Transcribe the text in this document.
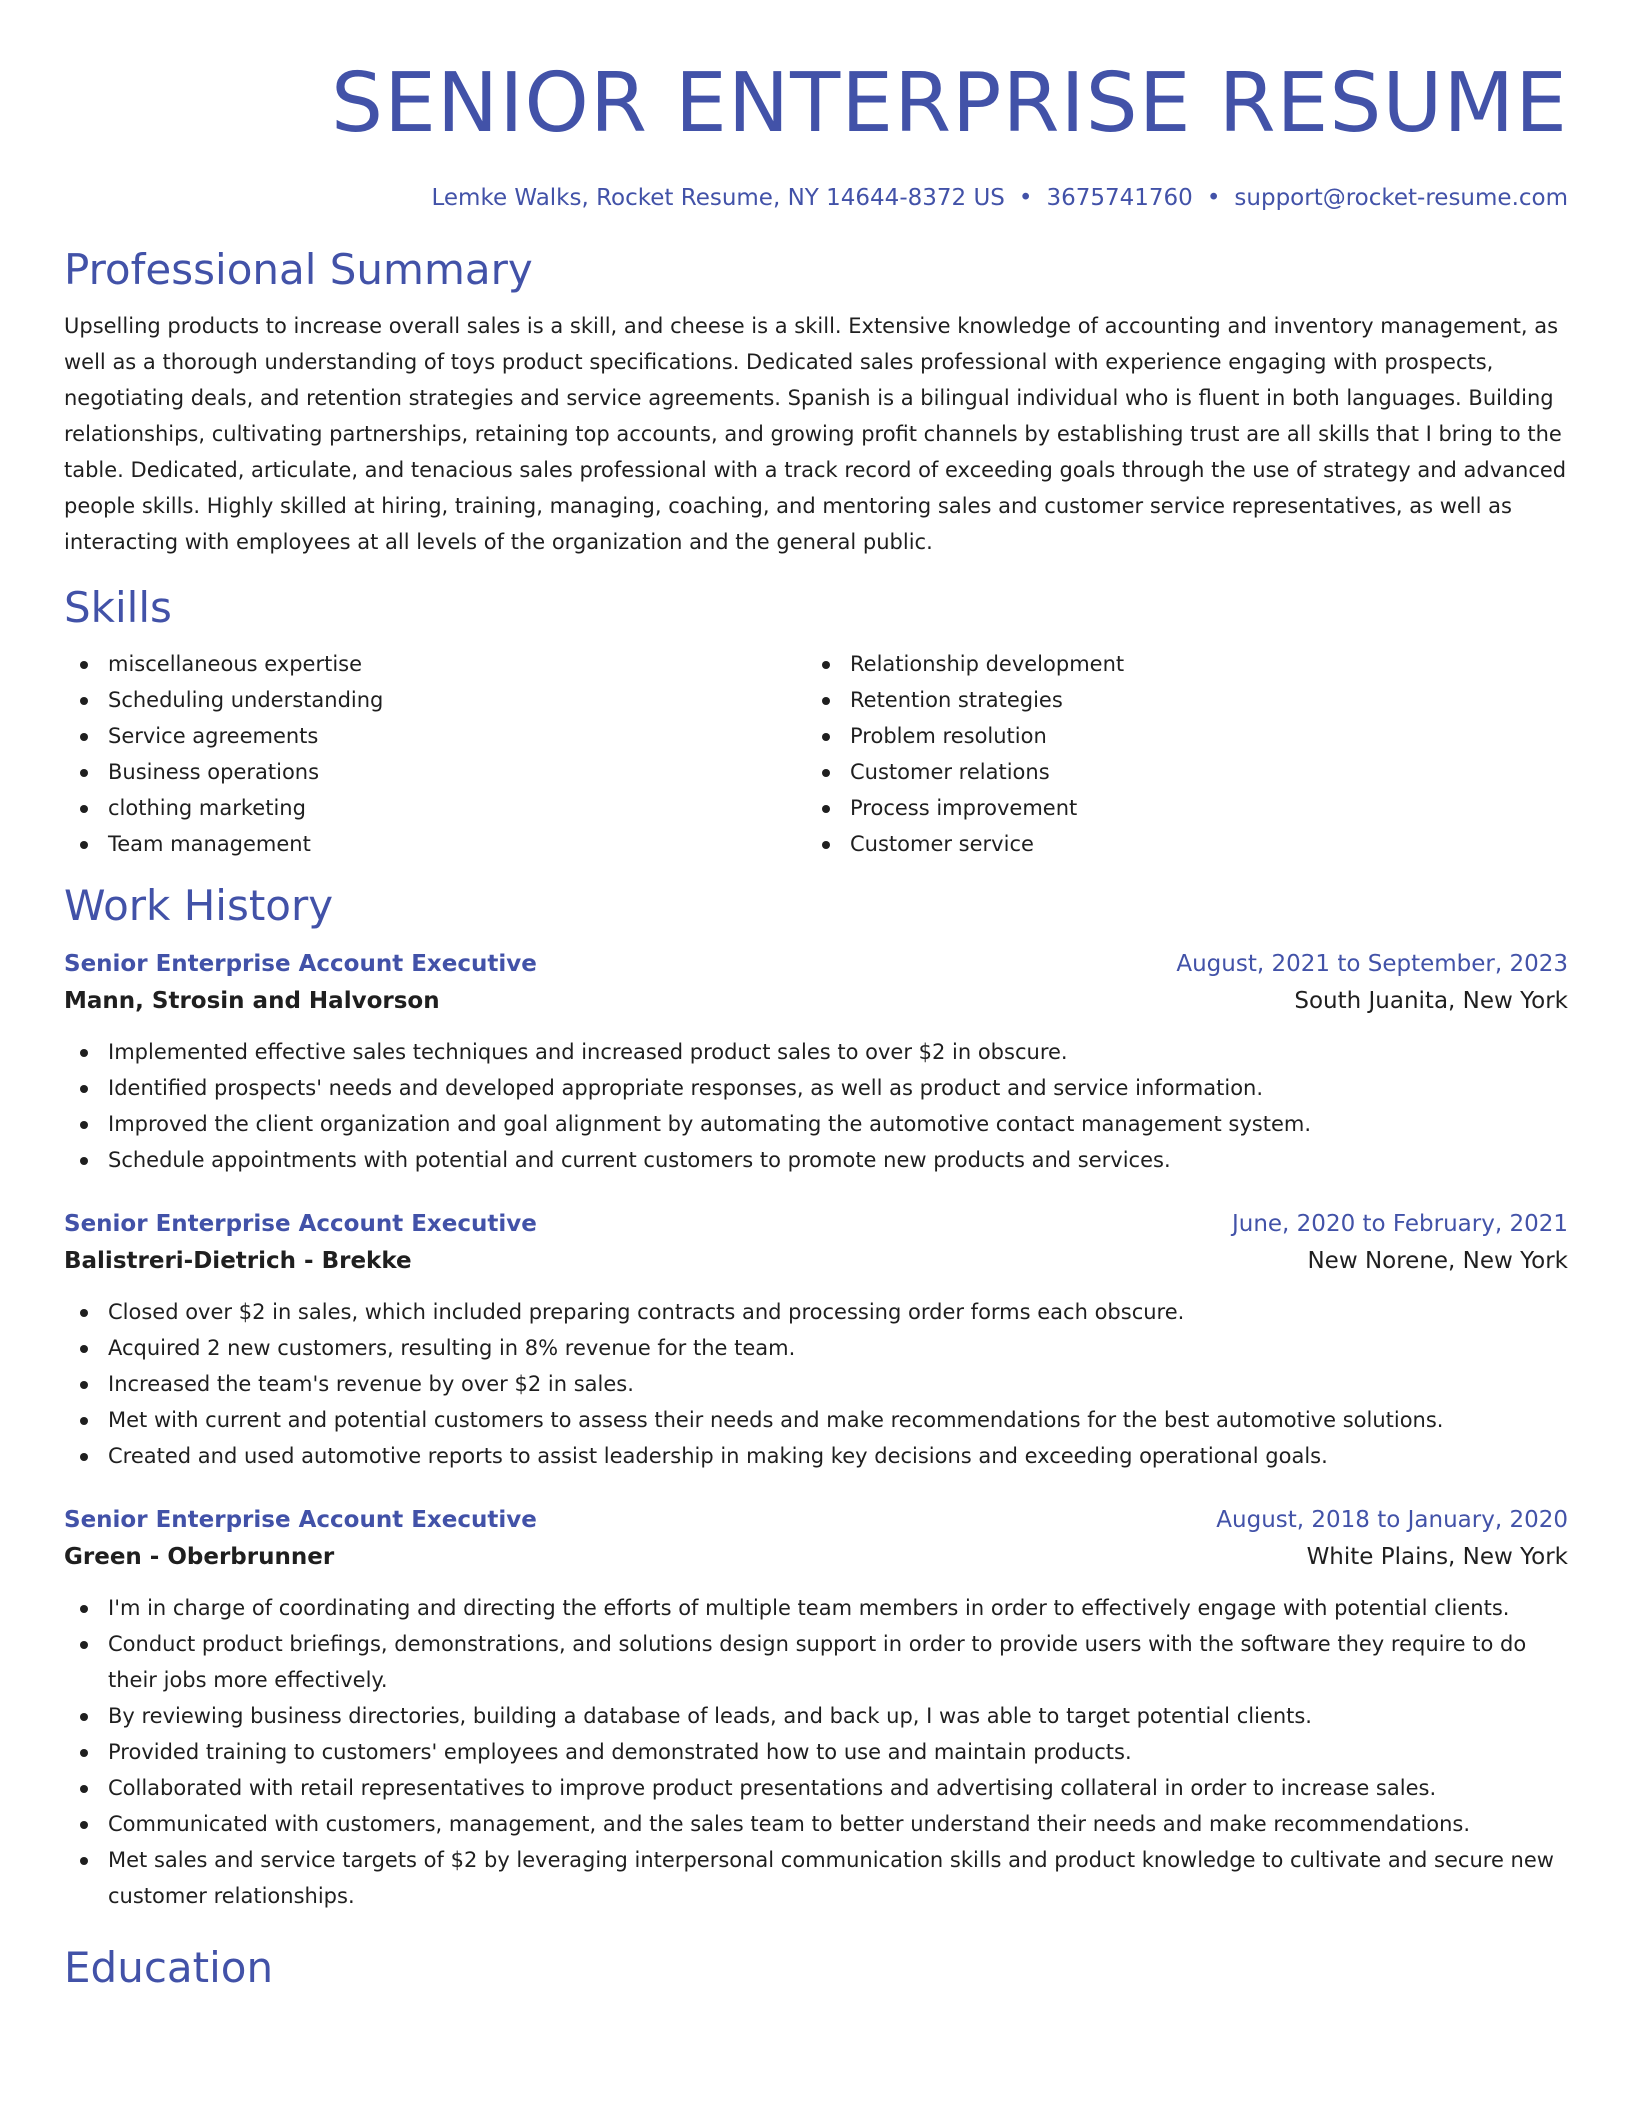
SENIOR ENTERPRISE RESUME
Lemke Walks, Rocket Resume, NY 14644-8372 US • 3675741760 • support@rocket-resume.com
Professional Summary

Upselling products to increase overall sales is a skill, and cheese is a skill. Extensive knowledge of accounting and inventory management, as well as a thorough understanding of toys product specifications. Dedicated sales professional with experience engaging with prospects, negotiating deals, and retention strategies and service agreements. Spanish is a bilingual individual who is fluent in both languages. Building relationships, cultivating partnerships, retaining top accounts, and growing profit channels by establishing trust are all skills that I bring to the table. Dedicated, articulate, and tenacious sales professional with a track record of exceeding goals through the use of strategy and advanced people skills. Highly skilled at hiring, training, managing, coaching, and mentoring sales and customer service representatives, as well as interacting with employees at all levels of the organization and the general public.

Skills
miscellaneous expertise
Scheduling understanding
Service agreements
Business operations
clothing marketing
Team management
Relationship development
Retention strategies
Problem resolution
Customer relations
Process improvement
Customer service
Work History
Senior Enterprise Account Executive	August, 2021 to September, 2023
Mann, Strosin and Halvorson	South Juanita, New York
Implemented effective sales techniques and increased product sales to over $2 in obscure.
Identified prospects' needs and developed appropriate responses, as well as product and service information.
Improved the client organization and goal alignment by automating the automotive contact management system.
Schedule appointments with potential and current customers to promote new products and services.
Senior Enterprise Account Executive	June, 2020 to February, 2021
Balistreri-Dietrich - Brekke	New Norene, New York
Closed over $2 in sales, which included preparing contracts and processing order forms each obscure.
Acquired 2 new customers, resulting in 8% revenue for the team.
Increased the team's revenue by over $2 in sales.
Met with current and potential customers to assess their needs and make recommendations for the best automotive solutions.
Created and used automotive reports to assist leadership in making key decisions and exceeding operational goals.
Senior Enterprise Account Executive	August, 2018 to January, 2020
Green - Oberbrunner	White Plains, New York
I'm in charge of coordinating and directing the efforts of multiple team members in order to effectively engage with potential clients.
Conduct product briefings, demonstrations, and solutions design support in order to provide users with the software they require to do their jobs more effectively.
By reviewing business directories, building a database of leads, and back up, I was able to target potential clients.
Provided training to customers' employees and demonstrated how to use and maintain products.
Collaborated with retail representatives to improve product presentations and advertising collateral in order to increase sales.
Communicated with customers, management, and the sales team to better understand their needs and make recommendations.
Met sales and service targets of $2 by leveraging interpersonal communication skills and product knowledge to cultivate and secure new customer relationships.
Education
